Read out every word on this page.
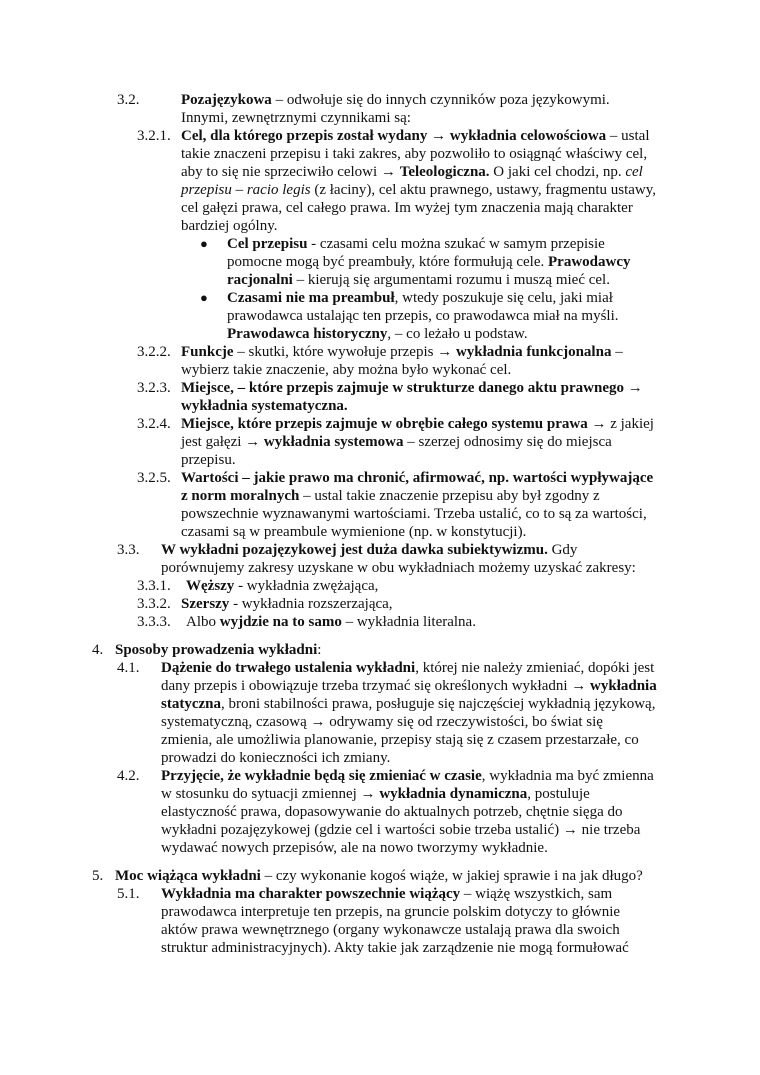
3.2.	Pozajęzykowa – odwołuje się do innych czynników poza językowymi.
Innymi, zewnętrznymi czynnikami są:
3.2.1. Cel, dla którego przepis został wydany → wykładnia celowościowa – ustal
takie znaczeni przepisu i taki zakres, aby pozwoliło to osiągnąć właściwy cel,
aby to się nie sprzeciwiło celowi → Teleologiczna. O jaki cel chodzi, np. cel
przepisu – racio legis (z łaciny), cel aktu prawnego, ustawy, fragmentu ustawy,
cel gałęzi prawa, cel całego prawa. Im wyżej tym znaczenia mają charakter
bardziej ogólny.
● Cel przepisu - czasami celu można szukać w samym przepisie
pomocne mogą być preambuły, które formułują cele. Prawodawcy
racjonalni – kierują się argumentami rozumu i muszą mieć cel.
● Czasami nie ma preambuł, wtedy poszukuje się celu, jaki miał
prawodawca ustalając ten przepis, co prawodawca miał na myśli.
Prawodawca historyczny, – co leżało u podstaw.
3.2.2. Funkcje – skutki, które wywołuje przepis → wykładnia funkcjonalna –
wybierz takie znaczenie, aby można było wykonać cel.
3.2.3. Miejsce, – które przepis zajmuje w strukturze danego aktu prawnego →
wykładnia systematyczna.
3.2.4. Miejsce, które przepis zajmuje w obrębie całego systemu prawa → z jakiej
jest gałęzi → wykładnia systemowa – szerzej odnosimy się do miejsca
przepisu.
3.2.5. Wartości – jakie prawo ma chronić, afirmować, np. wartości wypływające
z norm moralnych – ustal takie znaczenie przepisu aby był zgodny z
powszechnie wyznawanymi wartościami. Trzeba ustalić, co to są za wartości,
czasami są w preambule wymienione (np. w konstytucji).
3.3. W wykładni pozajęzykowej jest duża dawka subiektywizmu. Gdy
porównujemy zakresy uzyskane w obu wykładniach możemy uzyskać zakresy:
3.3.1. Węższy - wykładnia zwężająca,
3.3.2. Szerszy - wykładnia rozszerzająca,
3.3.3. Albo wyjdzie na to samo – wykładnia literalna.
4. Sposoby prowadzenia wykładni:
4.1. Dążenie do trwałego ustalenia wykładni, której nie należy zmieniać, dopóki jest
dany przepis i obowiązuje trzeba trzymać się określonych wykładni → wykładnia
statyczna, broni stabilności prawa, posługuje się najczęściej wykładnią językową,
systematyczną, czasową → odrywamy się od rzeczywistości, bo świat się
zmienia, ale umożliwia planowanie, przepisy stają się z czasem przestarzałe, co
prowadzi do konieczności ich zmiany.
4.2. Przyjęcie, że wykładnie będą się zmieniać w czasie, wykładnia ma być zmienna
w stosunku do sytuacji zmiennej → wykładnia dynamiczna, postuluje
elastyczność prawa, dopasowywanie do aktualnych potrzeb, chętnie sięga do
wykładni pozajęzykowej (gdzie cel i wartości sobie trzeba ustalić) → nie trzeba
wydawać nowych przepisów, ale na nowo tworzymy wykładnie.
5. Moc wiążąca wykładni – czy wykonanie kogoś wiąże, w jakiej sprawie i na jak długo?
5.1. Wykładnia ma charakter powszechnie wiążący – wiążę wszystkich, sam
prawodawca interpretuje ten przepis, na gruncie polskim dotyczy to głównie
aktów prawa wewnętrznego (organy wykonawcze ustalają prawa dla swoich
struktur administracyjnych). Akty takie jak zarządzenie nie mogą formułować
